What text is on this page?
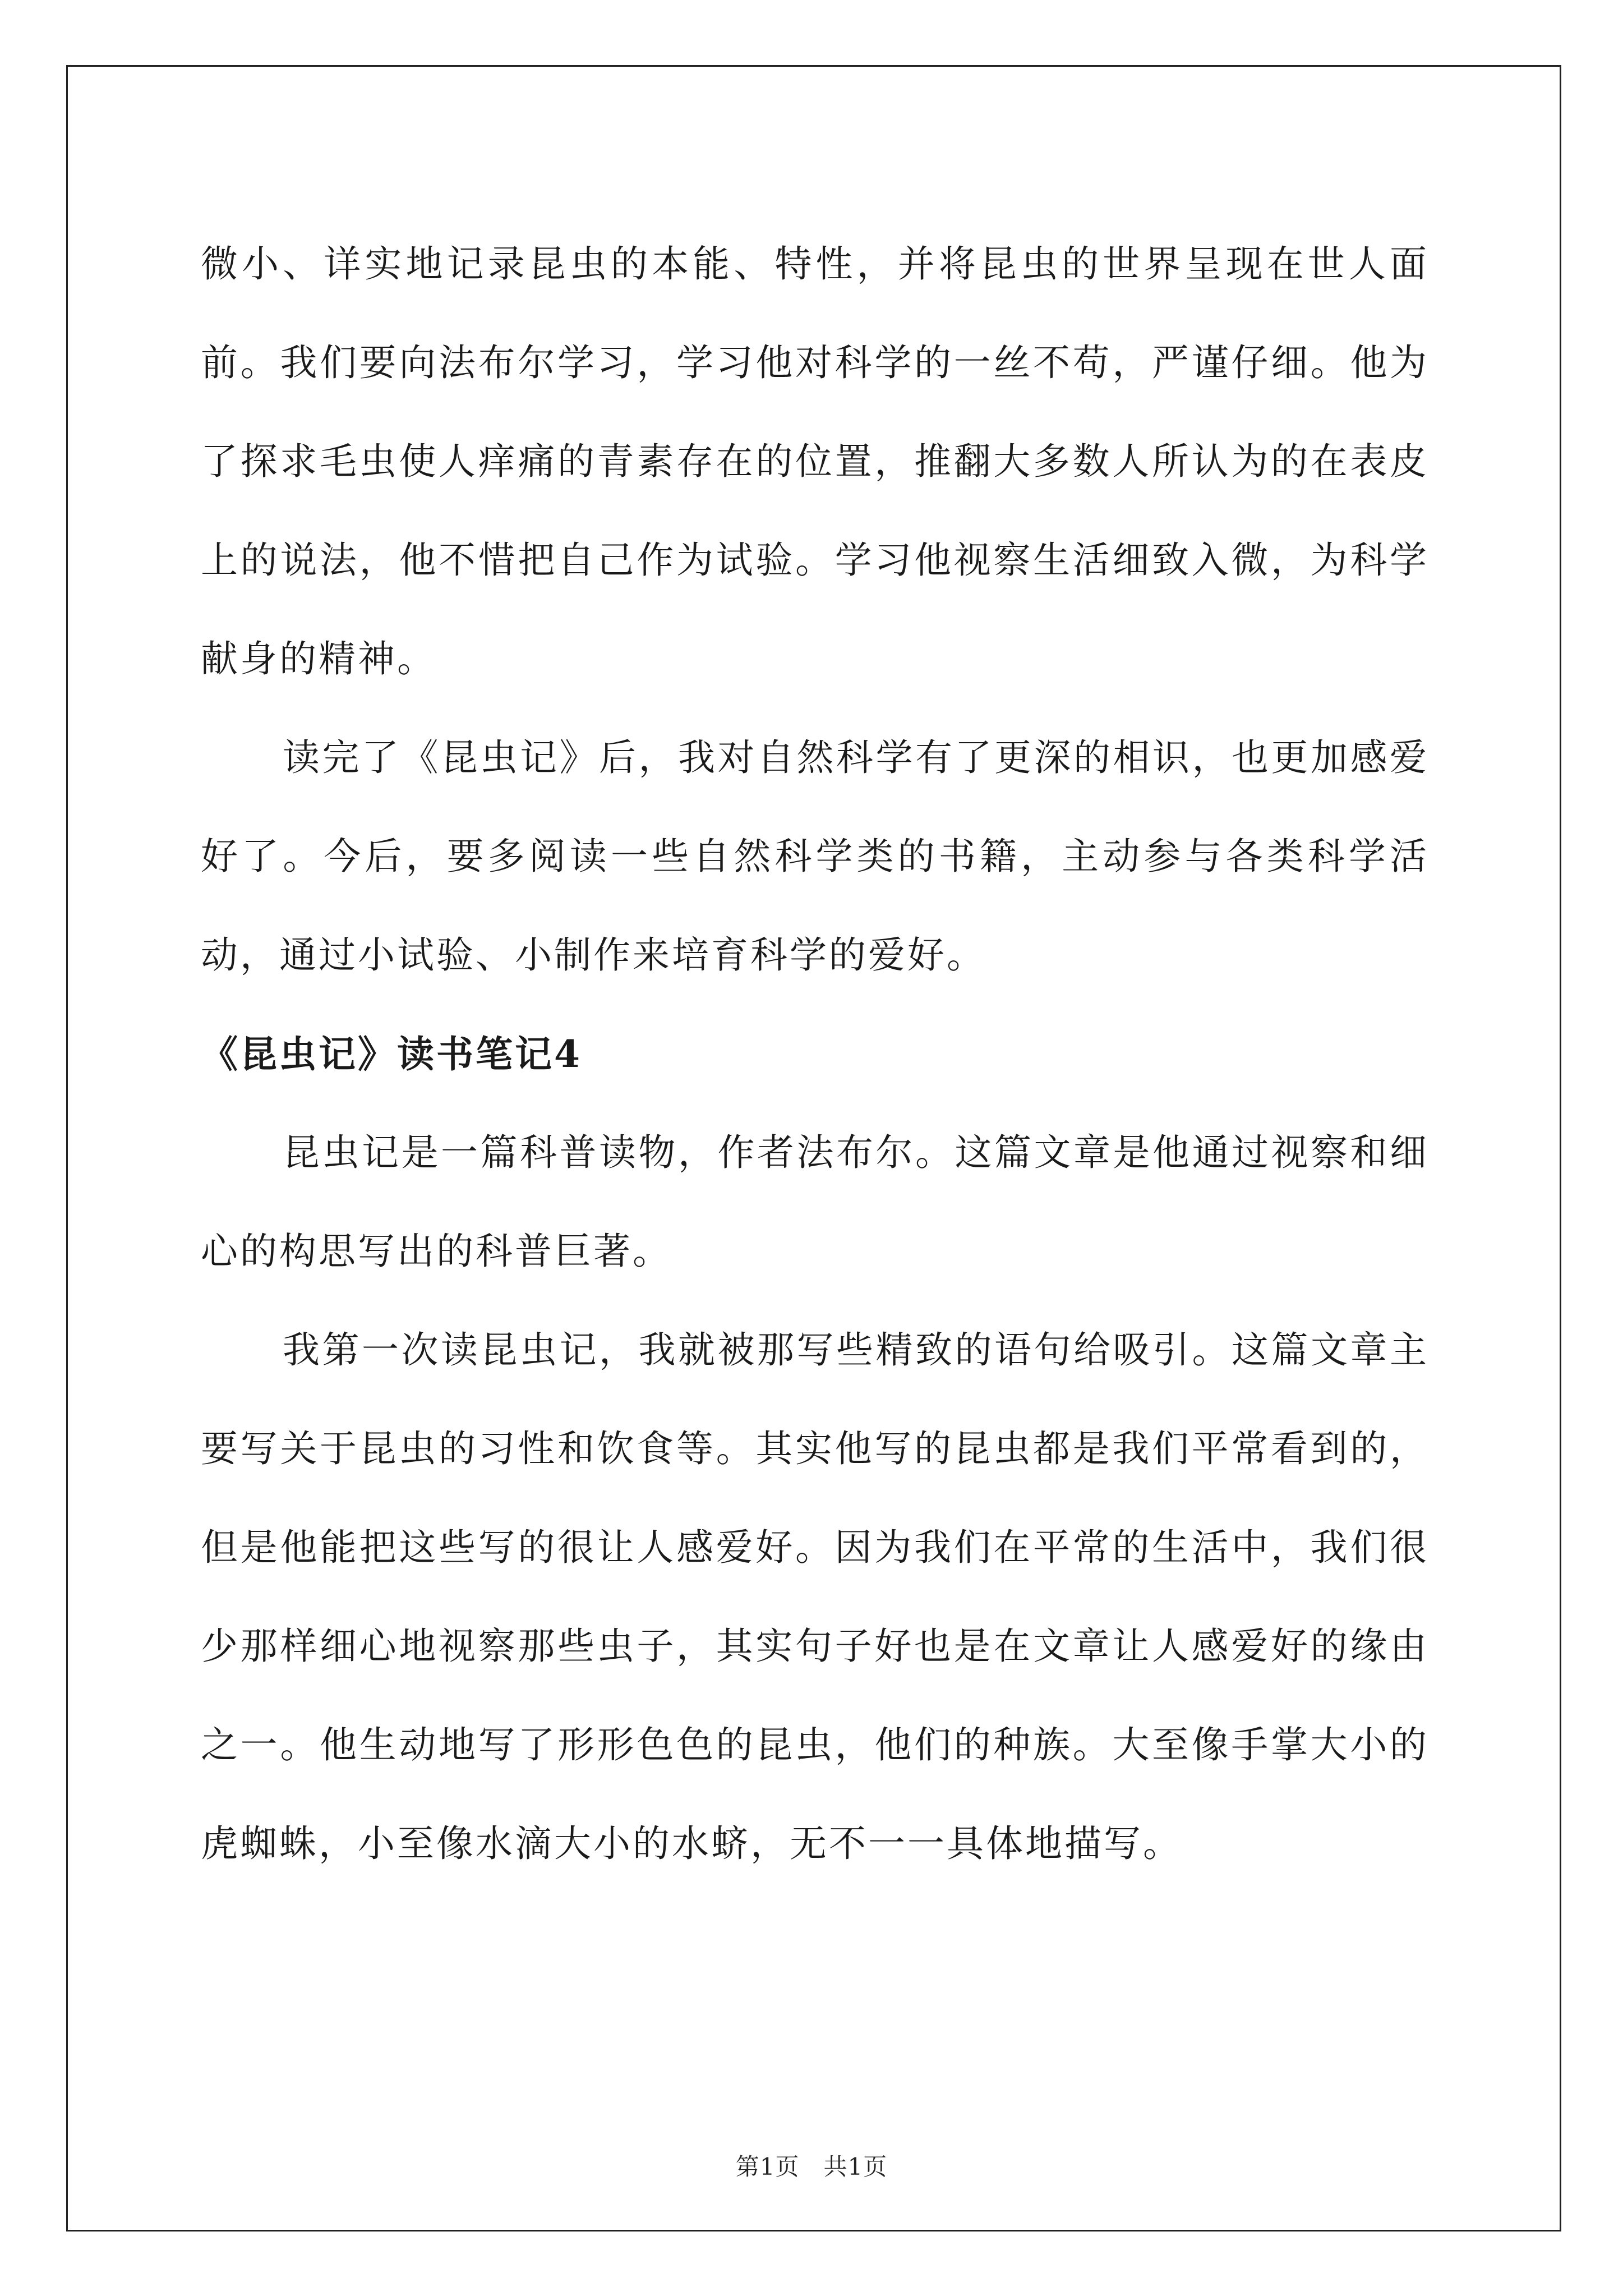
微小、详实地记录昆虫的本能、特性，并将昆虫的世界呈现在世人面前。我们要向法布尔学习，学习他对科学的一丝不苟，严谨仔细。他为了探求毛虫使人痒痛的青素存在的位置，推翻大多数人所认为的在表皮上的说法，他不惜把自己作为试验。学习他视察生活细致入微，为科学献身的精神。

读完了《昆虫记》后，我对自然科学有了更深的相识，也更加感爱好了。今后，要多阅读一些自然科学类的书籍，主动参与各类科学活动，通过小试验、小制作来培育科学的爱好。

《昆虫记》读书笔记4

昆虫记是一篇科普读物，作者法布尔。这篇文章是他通过视察和细心的构思写出的科普巨著。

我第一次读昆虫记，我就被那写些精致的语句给吸引。这篇文章主要写关于昆虫的习性和饮食等。其实他写的昆虫都是我们平常看到的，但是他能把这些写的很让人感爱好。因为我们在平常的生活中，我们很少那样细心地视察那些虫子，其实句子好也是在文章让人感爱好的缘由之一。他生动地写了形形色色的昆虫，他们的种族。大至像手掌大小的虎蜘蛛，小至像水滴大小的水蛴，无不一一具体地描写。

第1页　共1页
